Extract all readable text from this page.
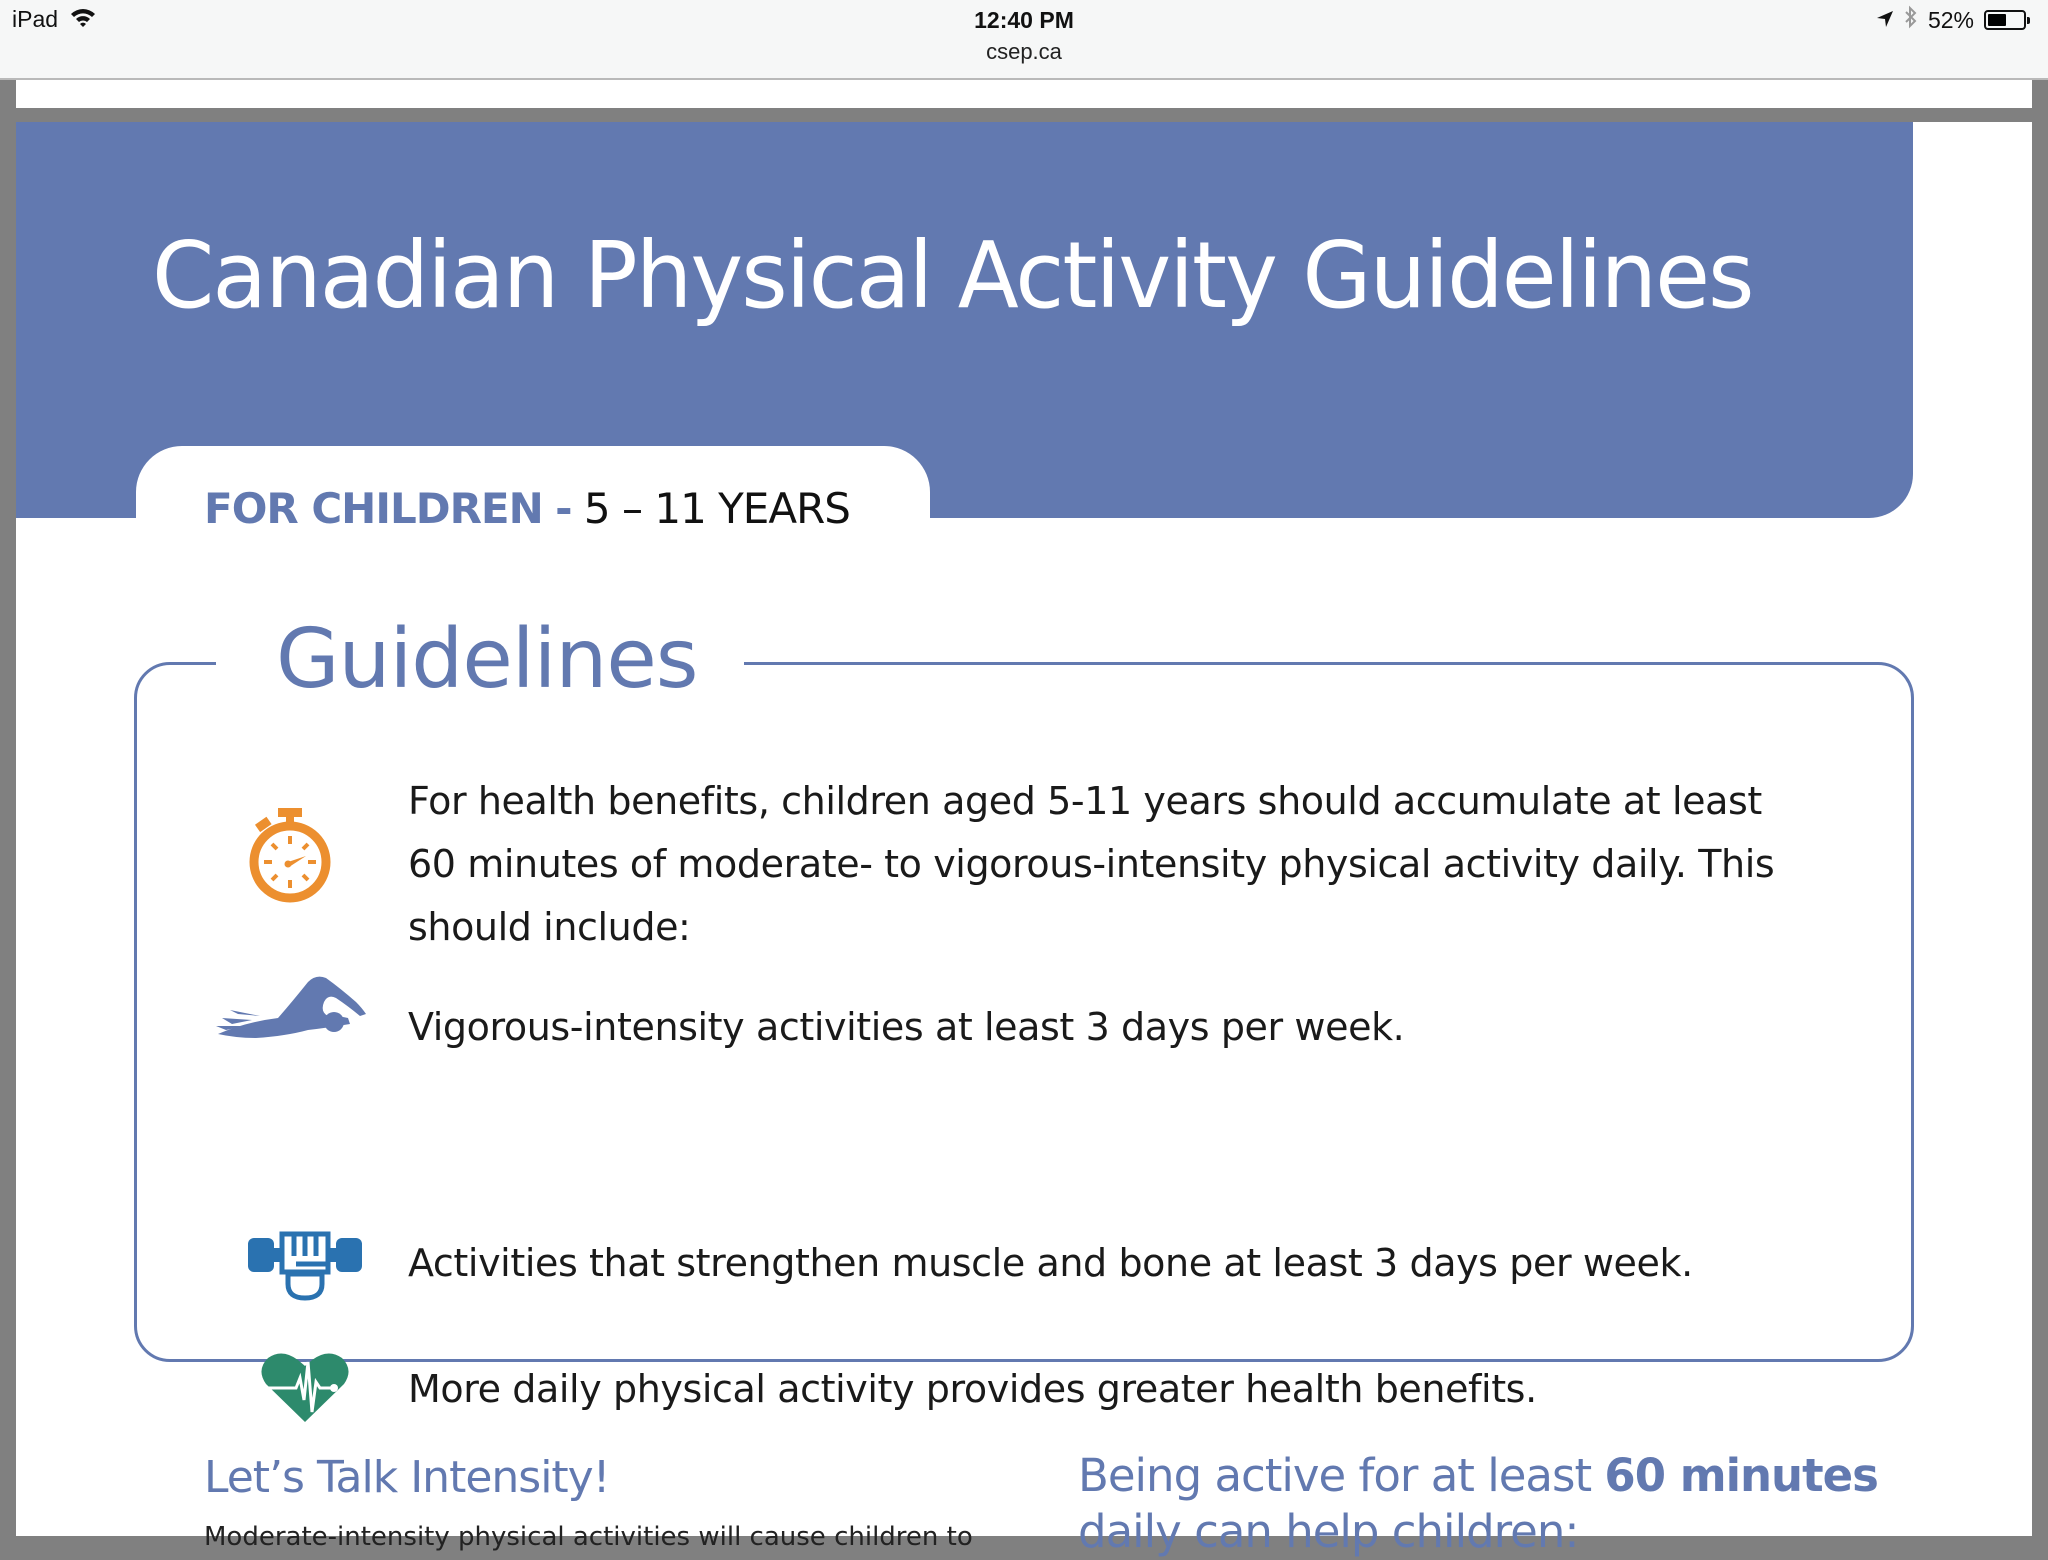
iPad	12:40 PM
csep.ca
52%
Canadian Physical Activity Guidelines
FOR CHILDREN - 5 – 11 YEARS
Guidelines
For health benefits, children aged 5-11 years should accumulate at least 60 minutes of moderate- to vigorous-intensity physical activity daily. This should include:
Vigorous-intensity activities at least 3 days per week.
Activities that strengthen muscle and bone at least 3 days per week.
More daily physical activity provides greater health benefits.
Let’s Talk Intensity!
Moderate-intensity physical activities will cause children to
Being active for at least 60 minutes
daily can help children:
